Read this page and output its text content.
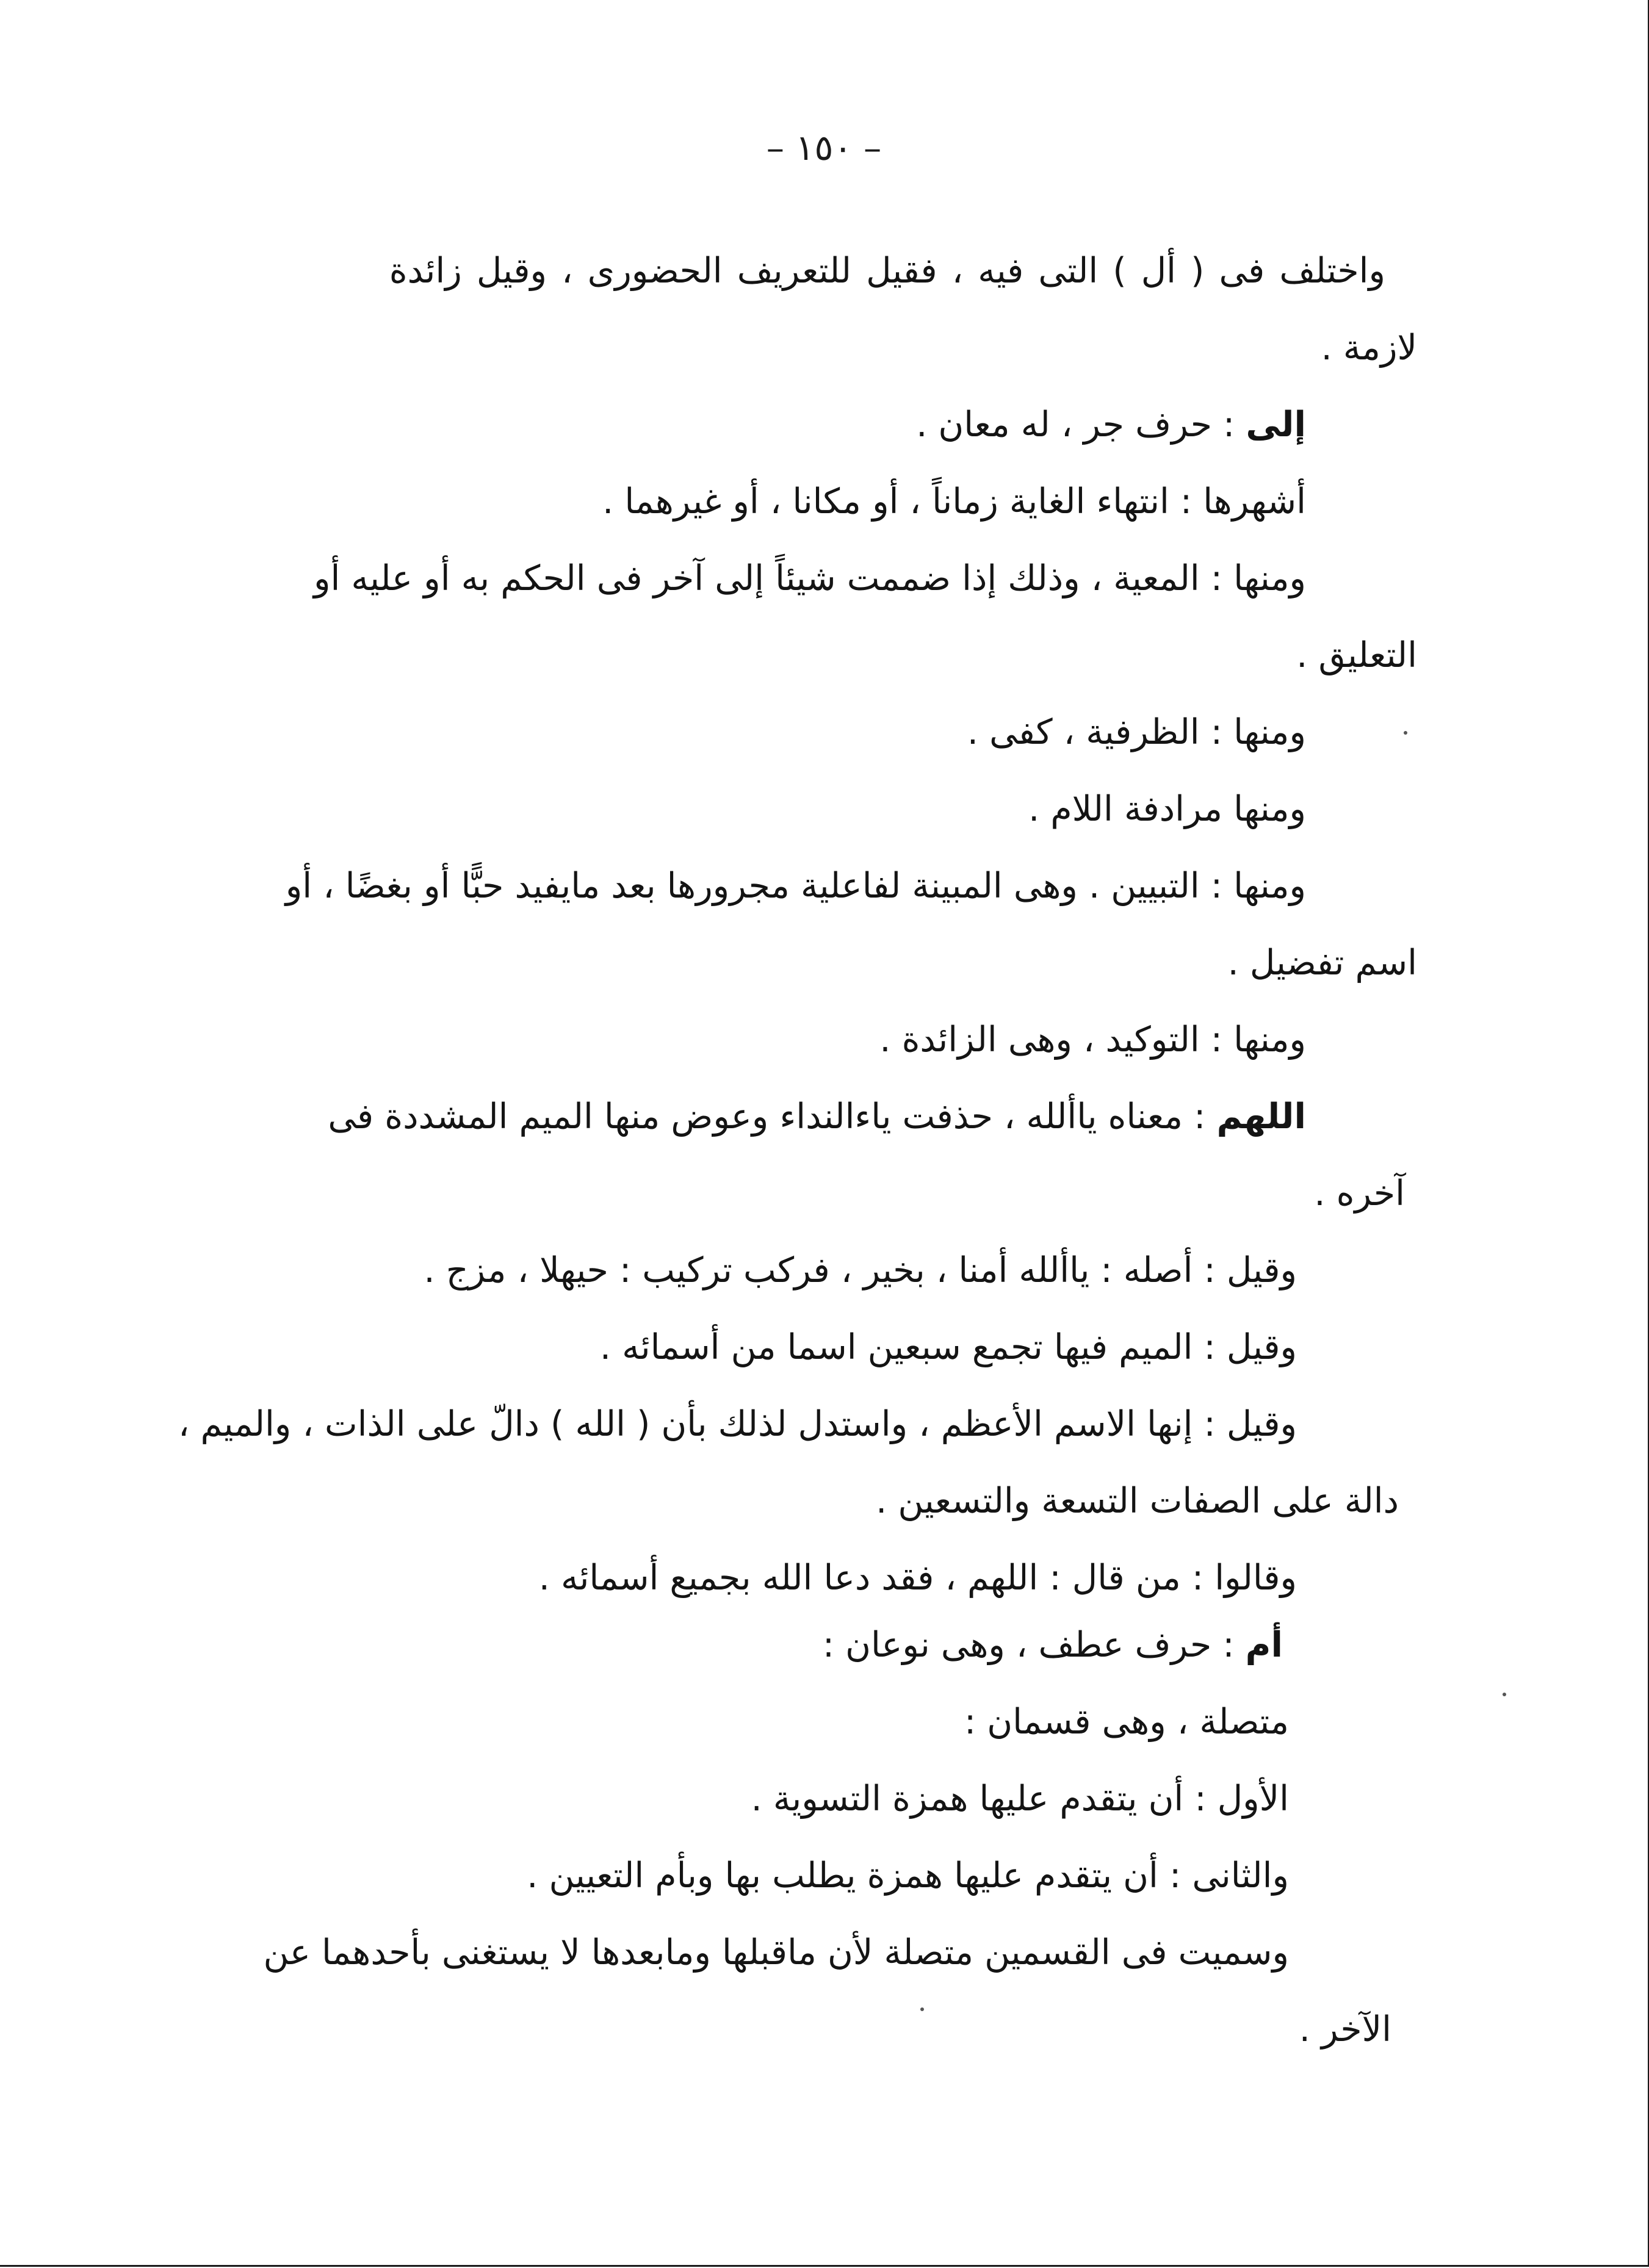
– ١٥٠ –
واختلف فى ( أل ) التى فيه ، فقيل للتعريف الحضورى ، وقيل زائدة
لازمة .
إلى : حرف جر ، له معان .
أشهرها : انتهاء الغاية زماناً ، أو مكانا ، أو غيرهما .
ومنها : المعية ، وذلك إذا ضممت شيئاً إلى آخر فى الحكم به أو عليه أو
التعليق .
ومنها : الظرفية ، كفى .
ومنها مرادفة اللام .
ومنها : التبيين . وهى المبينة لفاعلية مجرورها بعد مايفيد حبًّا أو بغضًا ، أو
اسم تفضيل .
ومنها : التوكيد ، وهى الزائدة .
اللهم : معناه ياألله ، حذفت ياءالنداء وعوض منها الميم المشددة فى
آخره .
وقيل : أصله : ياألله أمنا ، بخير ، فركب تركيب : حيهلا ، مزج .
وقيل : الميم فيها تجمع سبعين اسما من أسمائه .
وقيل : إنها الاسم الأعظم ، واستدل لذلك بأن ( الله ) دالّ على الذات ، والميم ،
دالة على الصفات التسعة والتسعين .
وقالوا : من قال : اللهم ، فقد دعا الله بجميع أسمائه .
أم : حرف عطف ، وهى نوعان :
متصلة ، وهى قسمان :
الأول : أن يتقدم عليها همزة التسوية .
والثانى : أن يتقدم عليها همزة يطلب بها وبأم التعيين .
وسميت فى القسمين متصلة لأن ماقبلها ومابعدها لا يستغنى بأحدهما عن
الآخر .
